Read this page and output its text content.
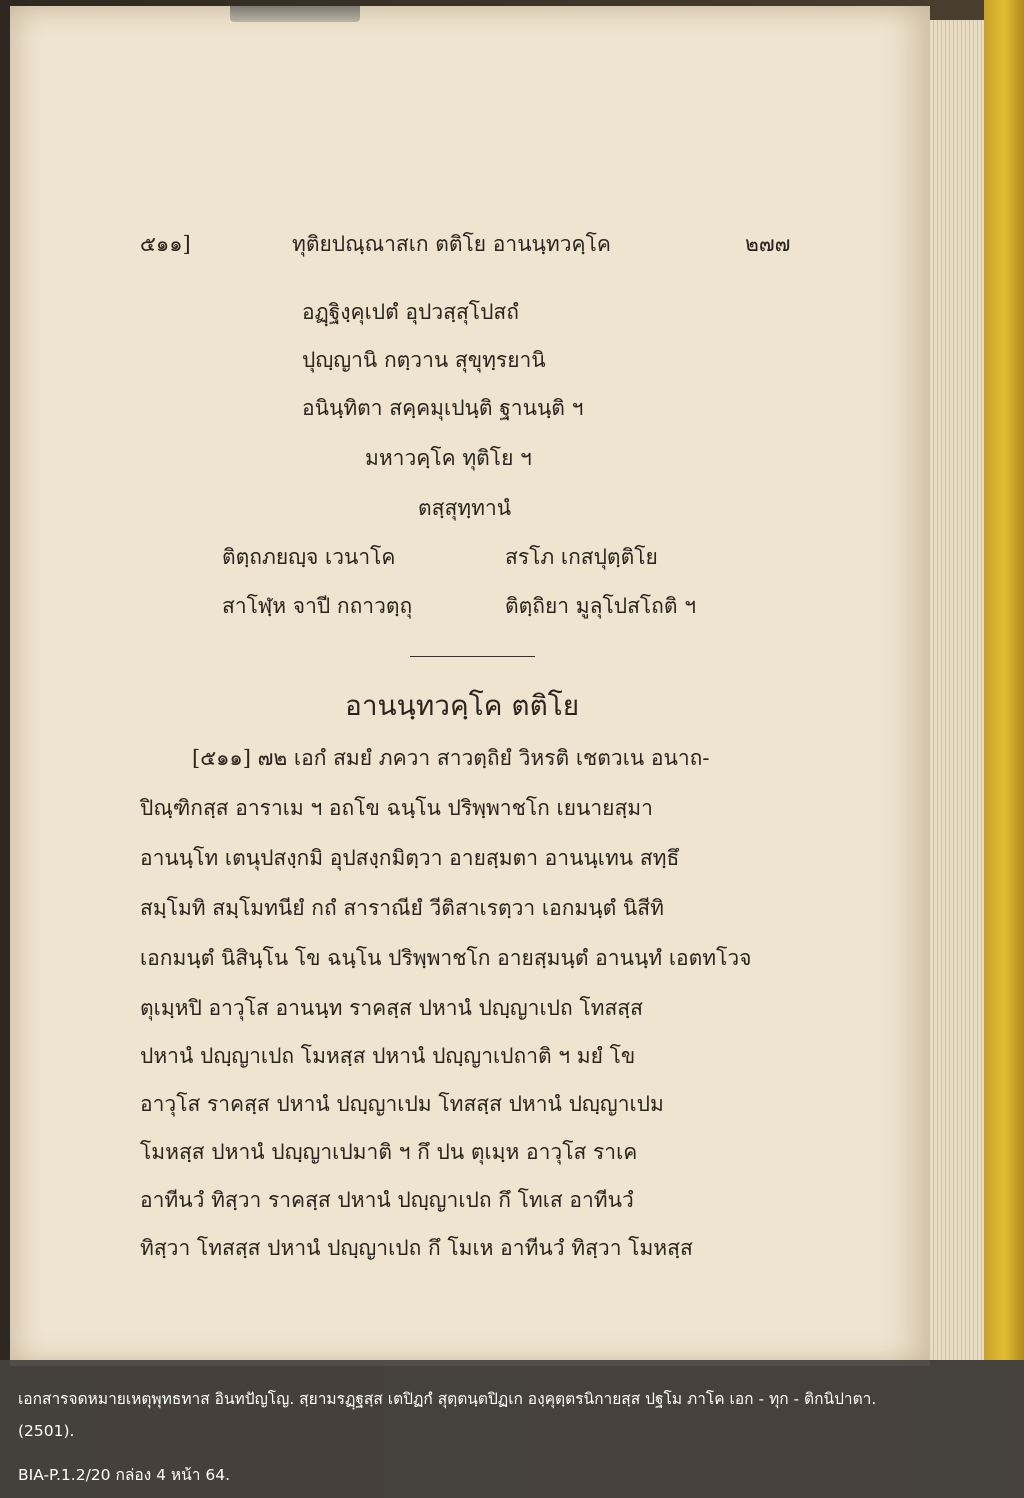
๕๑๑]	ทุติยปณฺณาสเก ตติโย อานนฺทวคฺโค	๒๗๗
อฏฺฐิงฺคุเปตํ อุปวสฺสุโปสถํ
ปุญฺญานิ กตฺวาน สุขุทฺรยานิ
อนินฺทิตา สคฺคมุเปนฺติ ฐานนฺติ ฯ
มหาวคฺโค ทุติโย ฯ
ตสฺสุทฺทานํ
ติตฺถภยญฺจ เวนาโค	สรโภ เกสปุตฺติโย
สาโฬฺห จาปี กถาวตฺถุ	ติตฺถิยา มูลุโปสโถติ ฯ
อานนฺทวคฺโค ตติโย
[๕๑๑] ๗๒ เอกํ สมยํ ภควา สาวตฺถิยํ วิหรติ เชตวเน อนาถ-
ปิณฺฑิกสฺส อาราเม ฯ อถโข ฉนฺโน ปริพฺพาชโก เยนายสฺมา
อานนฺโท เตนุปสงฺกมิ อุปสงฺกมิตฺวา อายสฺมตา อานนฺเทน สทฺธึ
สมฺโมทิ สมฺโมทนียํ กถํ สาราณียํ วีติสาเรตฺวา เอกมนฺตํ นิสีทิ
เอกมนฺตํ นิสินฺโน โข ฉนฺโน ปริพฺพาชโก อายสฺมนฺตํ อานนฺทํ เอตทโวจ
ตุเมฺหปิ อาวุโส อานนฺท ราคสฺส ปหานํ ปญฺญาเปถ โทสสฺส
ปหานํ ปญฺญาเปถ โมหสฺส ปหานํ ปญฺญาเปถาติ ฯ มยํ โข
อาวุโส ราคสฺส ปหานํ ปญฺญาเปม โทสสฺส ปหานํ ปญฺญาเปม
โมหสฺส ปหานํ ปญฺญาเปมาติ ฯ กึ ปน ตุเมฺห อาวุโส ราเค
อาทีนวํ ทิสฺวา ราคสฺส ปหานํ ปญฺญาเปถ กึ โทเส อาทีนวํ
ทิสฺวา โทสสฺส ปหานํ ปญฺญาเปถ กึ โมเห อาทีนวํ ทิสฺวา โมหสฺส
เอกสารจดหมายเหตุพุทธทาส อินทปัญโญ. สฺยามรฏฺฐสฺส เตปิฏกํ สุตฺตนฺตปิฏเก องฺคุตฺตรนิกายสฺส ปฐโม ภาโค เอก - ทุก - ติกนิปาตา.
(2501).
BIA-P.1.2/20 กล่อง 4 หน้า 64.
